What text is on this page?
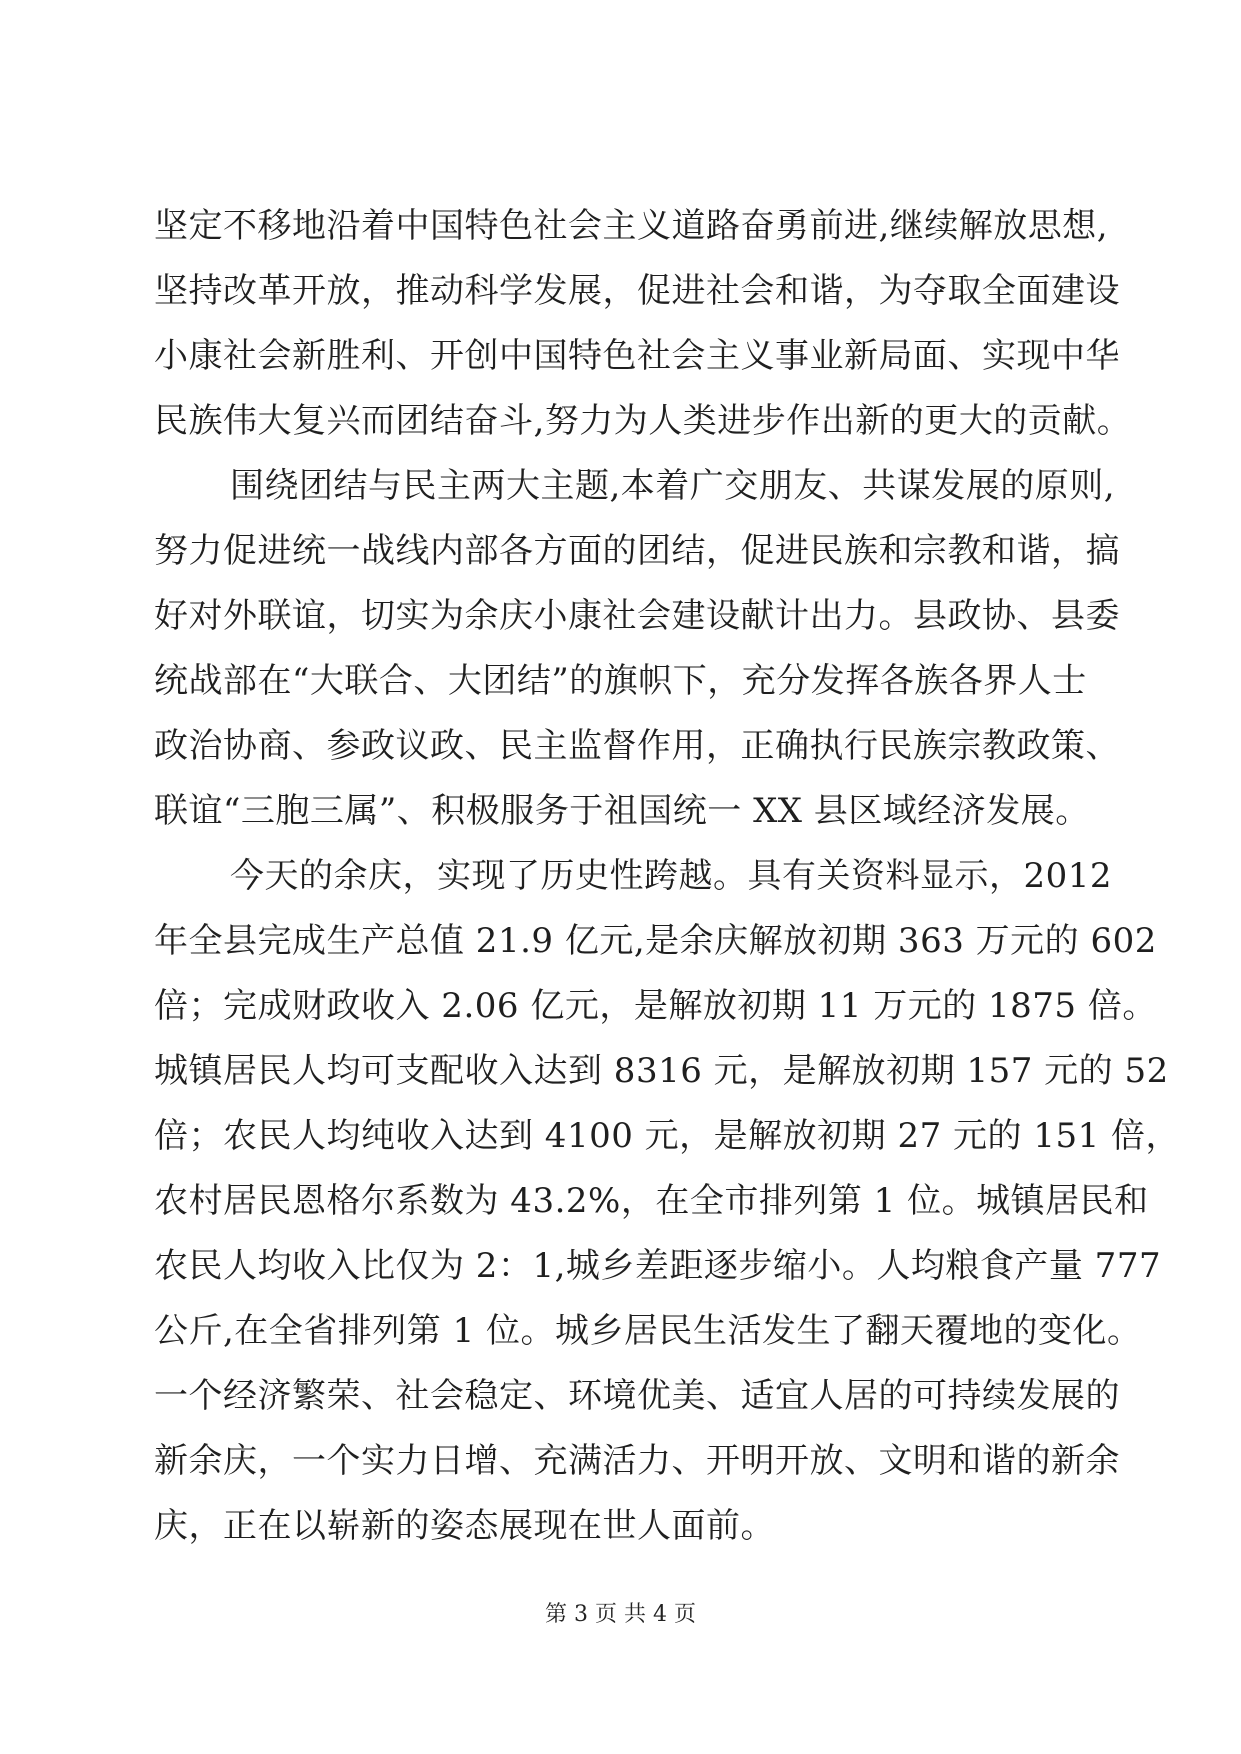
坚定不移地沿着中国特色社会主义道路奋勇前进,继续解放思想,
坚持改革开放，推动科学发展，促进社会和谐，为夺取全面建设
小康社会新胜利、开创中国特色社会主义事业新局面、实现中华
民族伟大复兴而团结奋斗,努力为人类进步作出新的更大的贡献。
围绕团结与民主两大主题,本着广交朋友、共谋发展的原则,
努力促进统一战线内部各方面的团结，促进民族和宗教和谐，搞
好对外联谊，切实为余庆小康社会建设献计出力。县政协、县委
统战部在“大联合、大团结”的旗帜下，充分发挥各族各界人士
政治协商、参政议政、民主监督作用，正确执行民族宗教政策、
联谊“三胞三属”、积极服务于祖国统一 XX 县区域经济发展。
今天的余庆，实现了历史性跨越。具有关资料显示，2012
年全县完成生产总值 21.9 亿元,是余庆解放初期 363 万元的 602
倍；完成财政收入 2.06 亿元，是解放初期 11 万元的 1875 倍。
城镇居民人均可支配收入达到 8316 元，是解放初期 157 元的 52
倍；农民人均纯收入达到 4100 元，是解放初期 27 元的 151 倍，
农村居民恩格尔系数为 43.2%，在全市排列第 1 位。城镇居民和
农民人均收入比仅为 2：1,城乡差距逐步缩小。人均粮食产量 777
公斤,在全省排列第 1 位。城乡居民生活发生了翻天覆地的变化。
一个经济繁荣、社会稳定、环境优美、适宜人居的可持续发展的
新余庆，一个实力日增、充满活力、开明开放、文明和谐的新余
庆，正在以崭新的姿态展现在世人面前。
第 3 页 共 4 页
